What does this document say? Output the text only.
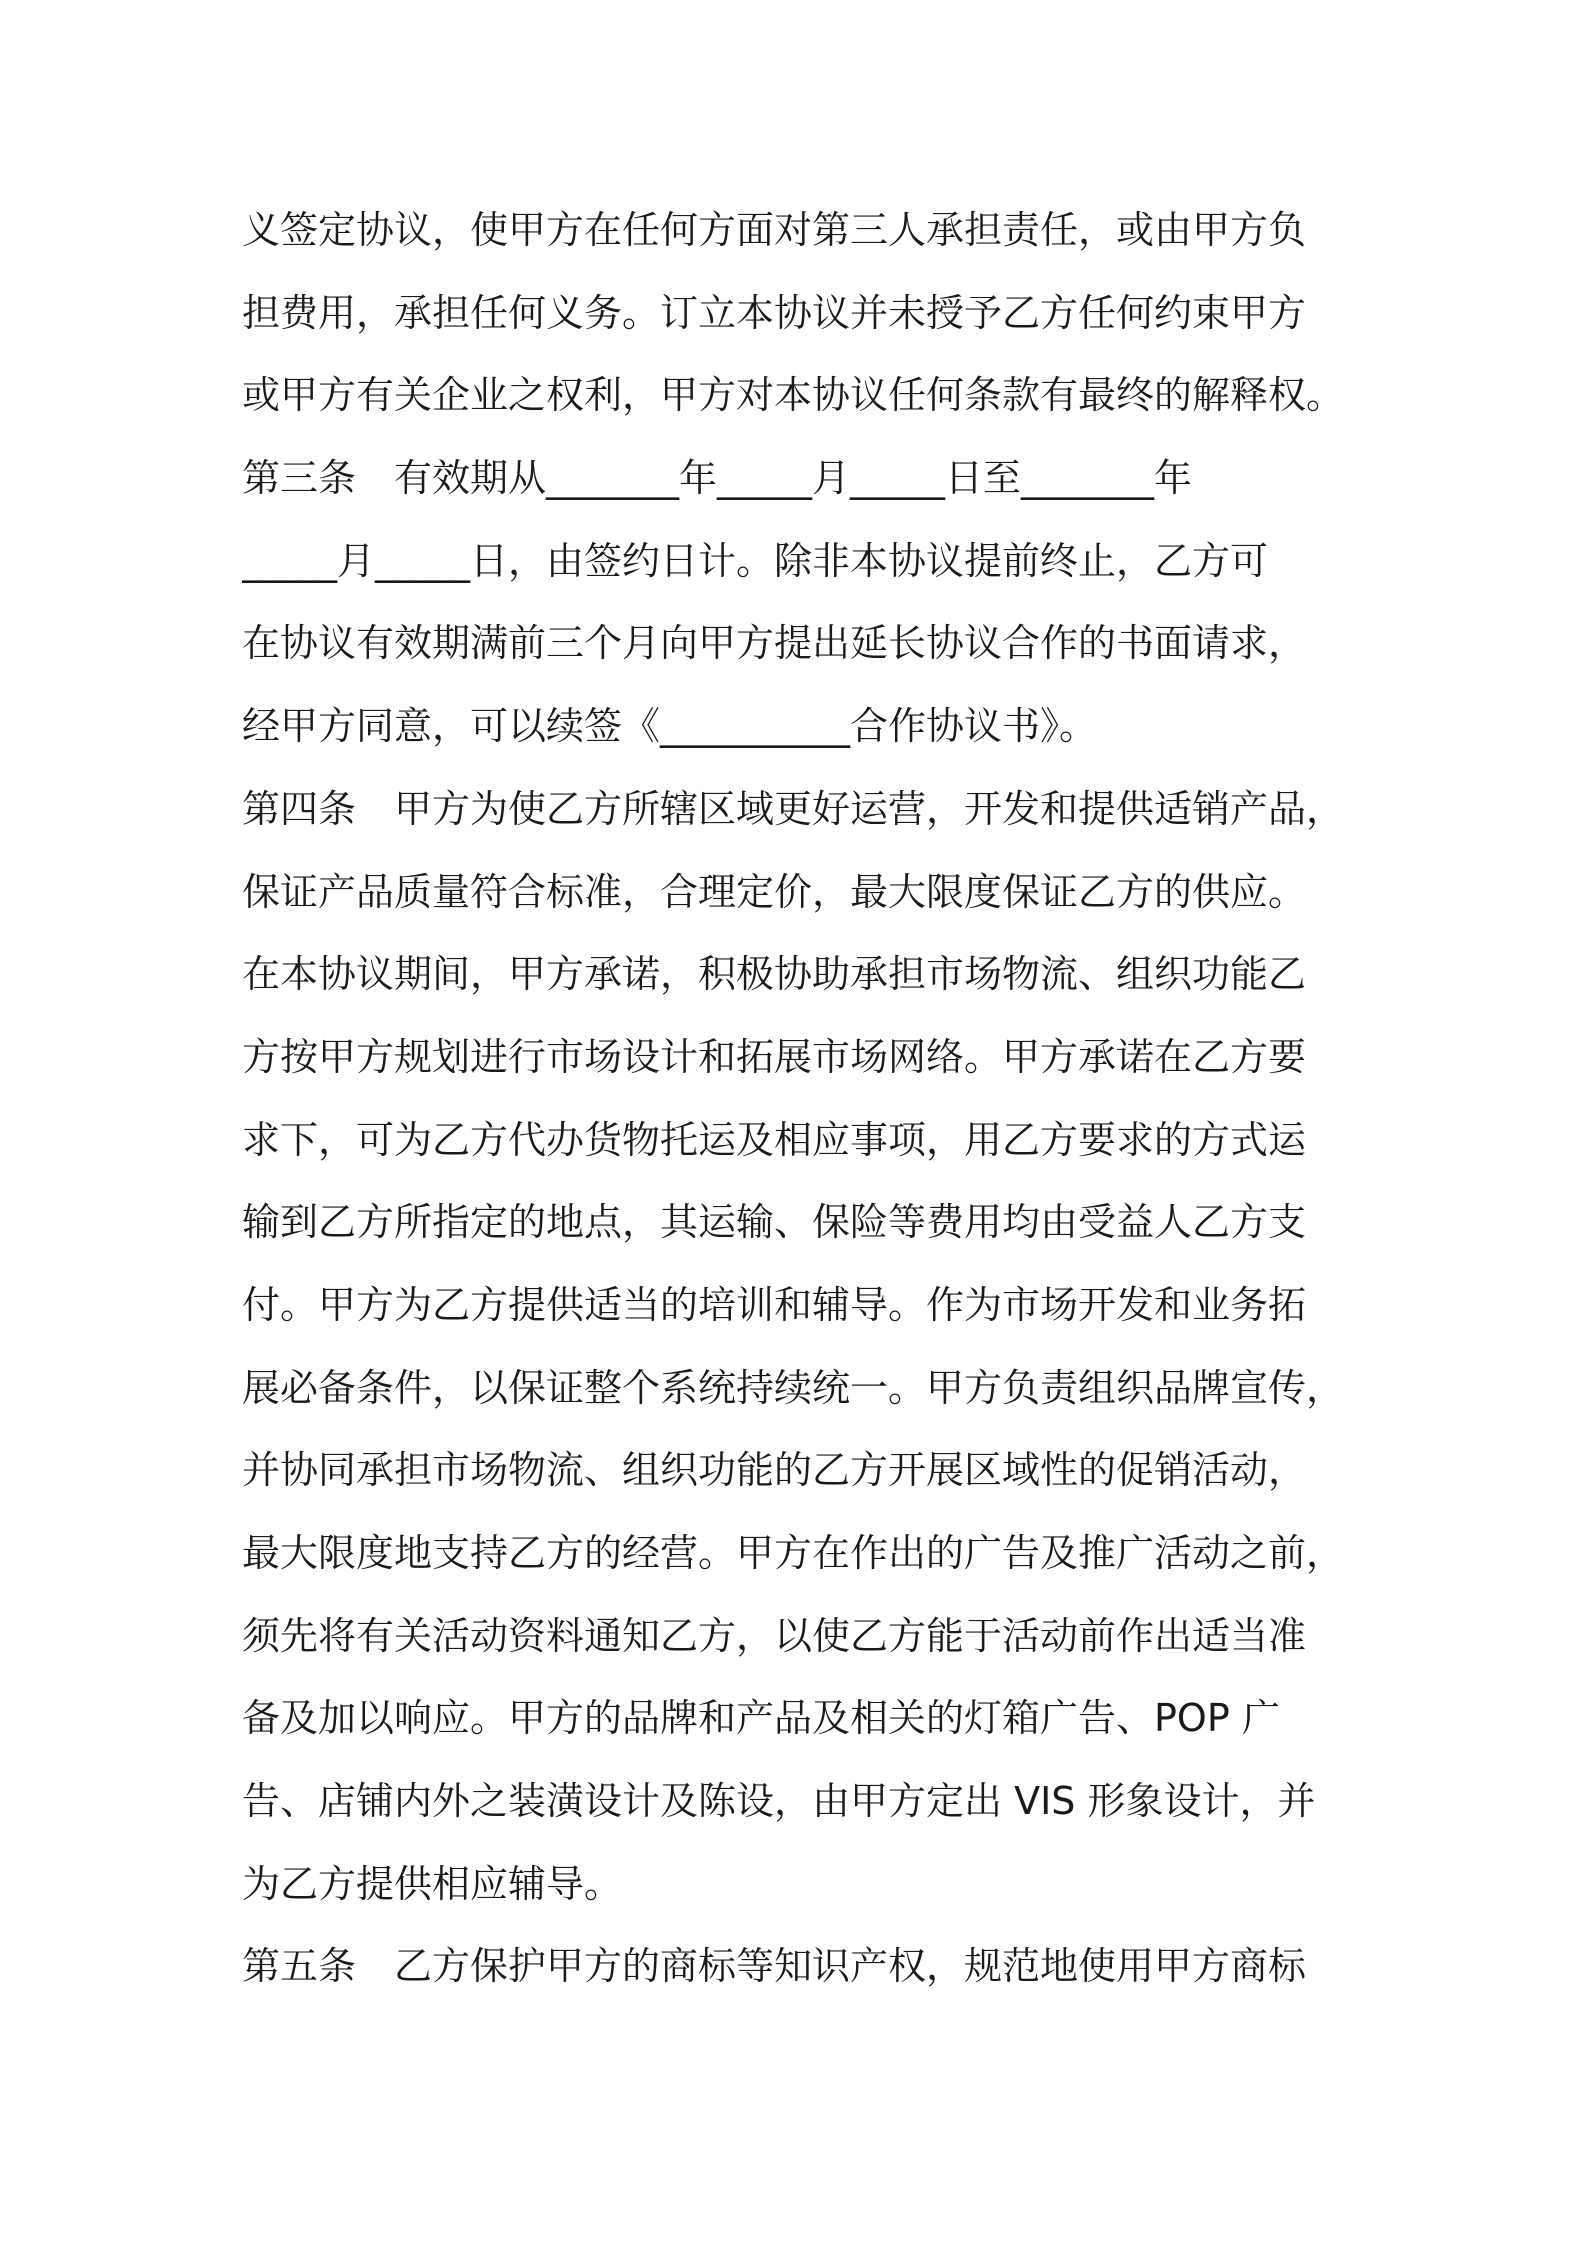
义签定协议，使甲方在任何方面对第三人承担责任，或由甲方负
担费用，承担任何义务。订立本协议并未授予乙方任何约束甲方
或甲方有关企业之权利，甲方对本协议任何条款有最终的解释权。
第三条　有效期从_______年_____月_____日至_______年
_____月_____日，由签约日计。除非本协议提前终止，乙方可
在协议有效期满前三个月向甲方提出延长协议合作的书面请求，
经甲方同意，可以续签《__________合作协议书》。
第四条　甲方为使乙方所辖区域更好运营，开发和提供适销产品，
保证产品质量符合标准，合理定价，最大限度保证乙方的供应。
在本协议期间，甲方承诺，积极协助承担市场物流、组织功能乙
方按甲方规划进行市场设计和拓展市场网络。甲方承诺在乙方要
求下，可为乙方代办货物托运及相应事项，用乙方要求的方式运
输到乙方所指定的地点，其运输、保险等费用均由受益人乙方支
付。甲方为乙方提供适当的培训和辅导。作为市场开发和业务拓
展必备条件，以保证整个系统持续统一。甲方负责组织品牌宣传，
并协同承担市场物流、组织功能的乙方开展区域性的促销活动，
最大限度地支持乙方的经营。甲方在作出的广告及推广活动之前，
须先将有关活动资料通知乙方，以使乙方能于活动前作出适当准
备及加以响应。甲方的品牌和产品及相关的灯箱广告、POP 广
告、店铺内外之装潢设计及陈设，由甲方定出 VIS 形象设计，并
为乙方提供相应辅导。
第五条　乙方保护甲方的商标等知识产权，规范地使用甲方商标
